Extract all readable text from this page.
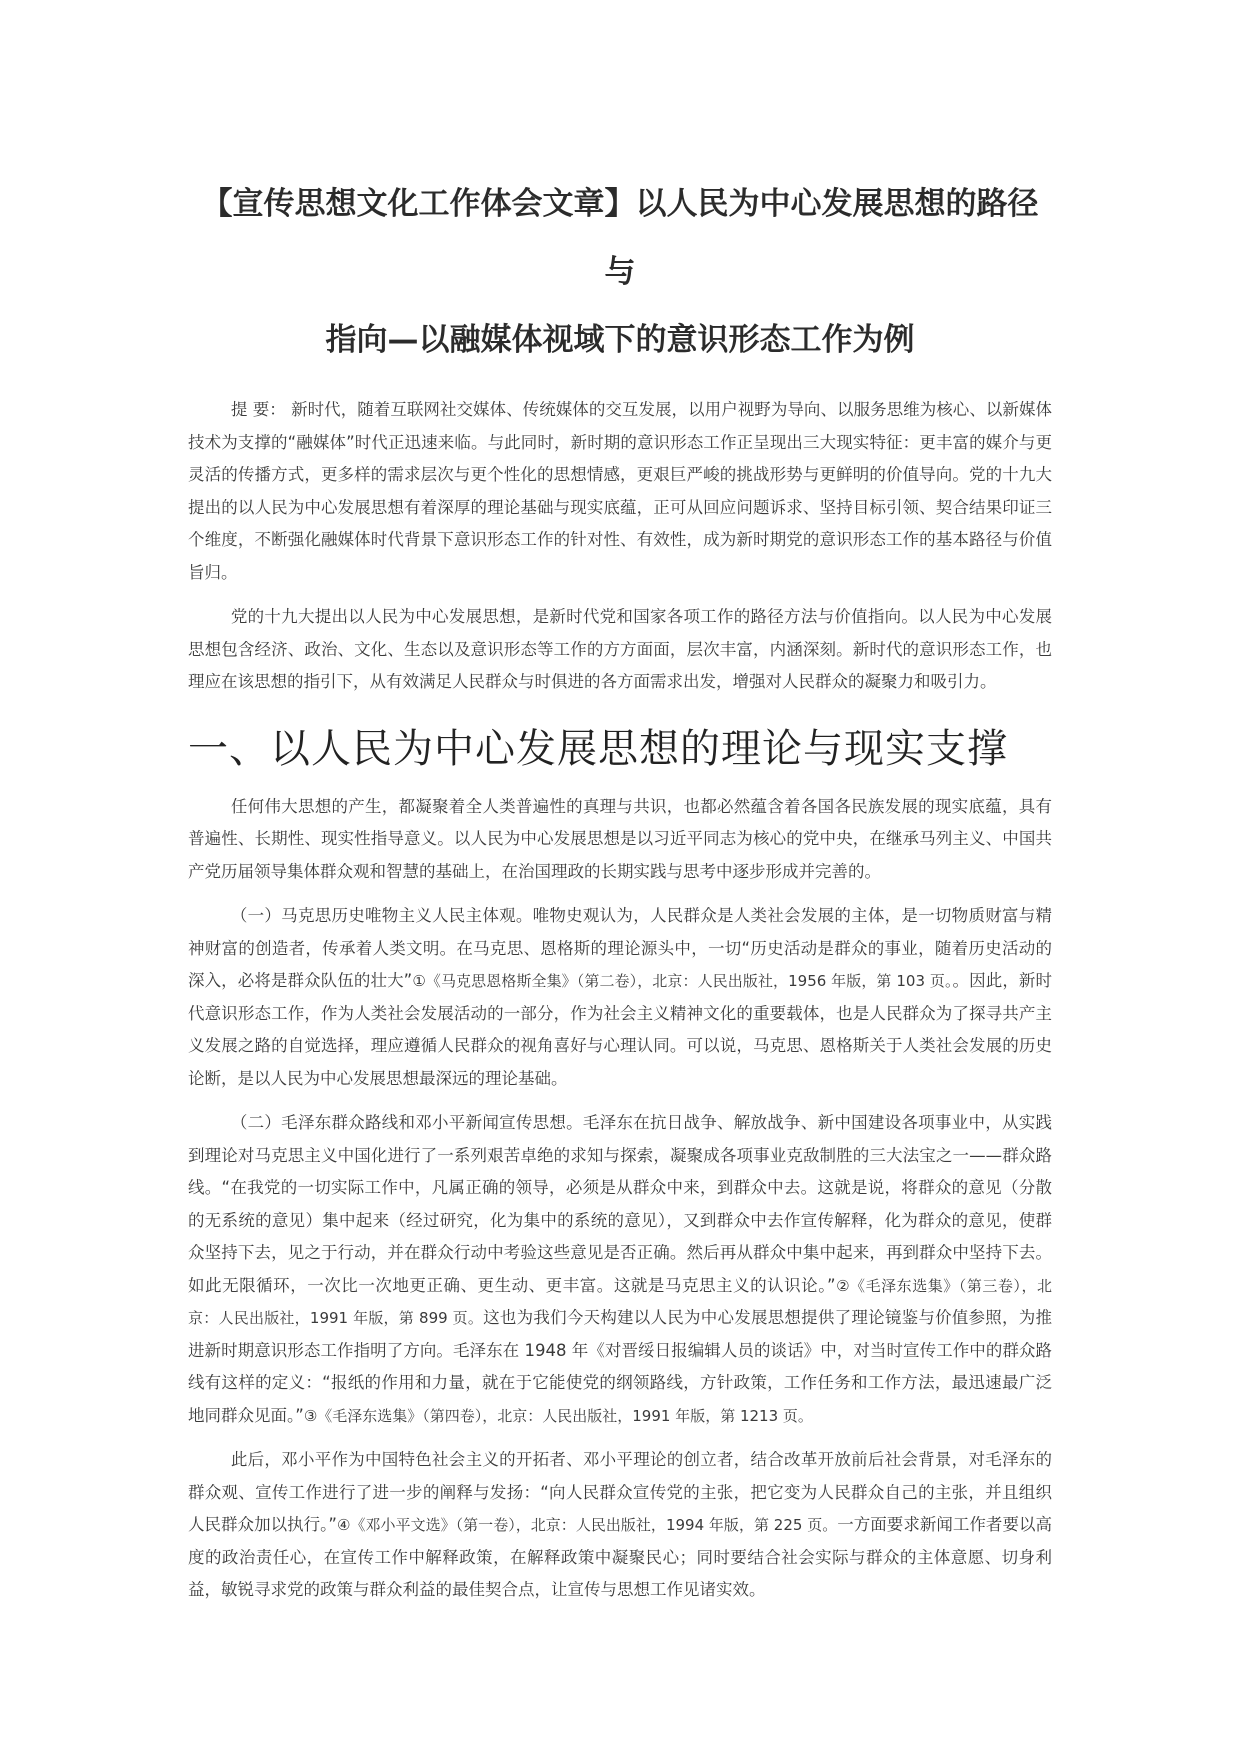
【宣传思想文化工作体会文章】以人民为中心发展思想的路径与
指向—以融媒体视域下的意识形态工作为例

提 要： 新时代，随着互联网社交媒体、传统媒体的交互发展，以用户视野为导向、以服务思维为核心、以新媒体技术为支撑的“融媒体”时代正迅速来临。与此同时，新时期的意识形态工作正呈现出三大现实特征：更丰富的媒介与更灵活的传播方式，更多样的需求层次与更个性化的思想情感，更艰巨严峻的挑战形势与更鲜明的价值导向。党的十九大提出的以人民为中心发展思想有着深厚的理论基础与现实底蕴，正可从回应问题诉求、坚持目标引领、契合结果印证三个维度，不断强化融媒体时代背景下意识形态工作的针对性、有效性，成为新时期党的意识形态工作的基本路径与价值旨归。

党的十九大提出以人民为中心发展思想，是新时代党和国家各项工作的路径方法与价值指向。以人民为中心发展思想包含经济、政治、文化、生态以及意识形态等工作的方方面面，层次丰富，内涵深刻。新时代的意识形态工作，也理应在该思想的指引下，从有效满足人民群众与时俱进的各方面需求出发，增强对人民群众的凝聚力和吸引力。

一、以人民为中心发展思想的理论与现实支撑

任何伟大思想的产生，都凝聚着全人类普遍性的真理与共识，也都必然蕴含着各国各民族发展的现实底蕴，具有普遍性、长期性、现实性指导意义。以人民为中心发展思想是以习近平同志为核心的党中央，在继承马列主义、中国共产党历届领导集体群众观和智慧的基础上，在治国理政的长期实践与思考中逐步形成并完善的。

（一）马克思历史唯物主义人民主体观。唯物史观认为，人民群众是人类社会发展的主体，是一切物质财富与精神财富的创造者，传承着人类文明。在马克思、恩格斯的理论源头中，一切“历史活动是群众的事业，随着历史活动的深入，必将是群众队伍的壮大”①《马克思恩格斯全集》（第二卷），北京：人民出版社，1956 年版，第 103 页。。因此，新时代意识形态工作，作为人类社会发展活动的一部分，作为社会主义精神文化的重要载体，也是人民群众为了探寻共产主义发展之路的自觉选择，理应遵循人民群众的视角喜好与心理认同。可以说，马克思、恩格斯关于人类社会发展的历史论断，是以人民为中心发展思想最深远的理论基础。

（二）毛泽东群众路线和邓小平新闻宣传思想。毛泽东在抗日战争、解放战争、新中国建设各项事业中，从实践到理论对马克思主义中国化进行了一系列艰苦卓绝的求知与探索，凝聚成各项事业克敌制胜的三大法宝之一——群众路线。“在我党的一切实际工作中，凡属正确的领导，必须是从群众中来，到群众中去。这就是说，将群众的意见（分散的无系统的意见）集中起来（经过研究，化为集中的系统的意见），又到群众中去作宣传解释，化为群众的意见，使群众坚持下去，见之于行动，并在群众行动中考验这些意见是否正确。然后再从群众中集中起来，再到群众中坚持下去。如此无限循环，一次比一次地更正确、更生动、更丰富。这就是马克思主义的认识论。”②《毛泽东选集》（第三卷），北京：人民出版社，1991 年版，第 899 页。这也为我们今天构建以人民为中心发展思想提供了理论镜鉴与价值参照，为推进新时期意识形态工作指明了方向。毛泽东在 1948 年《对晋绥日报编辑人员的谈话》中，对当时宣传工作中的群众路线有这样的定义：“报纸的作用和力量，就在于它能使党的纲领路线，方针政策，工作任务和工作方法，最迅速最广泛地同群众见面。”③《毛泽东选集》（第四卷），北京：人民出版社，1991 年版，第 1213 页。

此后，邓小平作为中国特色社会主义的开拓者、邓小平理论的创立者，结合改革开放前后社会背景，对毛泽东的群众观、宣传工作进行了进一步的阐释与发扬：“向人民群众宣传党的主张，把它变为人民群众自己的主张，并且组织人民群众加以执行。”④《邓小平文选》（第一卷），北京：人民出版社，1994 年版，第 225 页。一方面要求新闻工作者要以高度的政治责任心，在宣传工作中解释政策，在解释政策中凝聚民心；同时要结合社会实际与群众的主体意愿、切身利益，敏锐寻求党的政策与群众利益的最佳契合点，让宣传与思想工作见诸实效。
